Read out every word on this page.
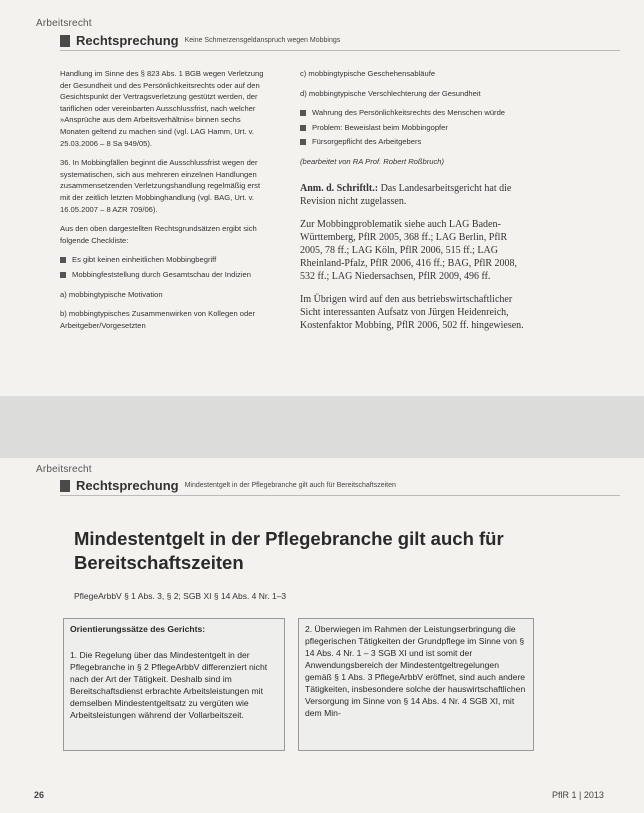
Arbeitsrecht
Rechtsprechung Keine Schmerzensgeldanspruch wegen Mobbings

Handlung im Sinne des § 823 Abs. 1 BGB wegen Verletzung der Gesundheit und des Persönlichkeitsrechts oder auf den Gesichtspunkt der Vertragsverletzung gestützt werden, der tariflichen oder vereinbarten Ausschlussfrist, nach welcher »Ansprüche aus dem Arbeitsverhältnis« binnen sechs Monaten geltend zu machen sind (vgl. LAG Hamm, Urt. v. 25.03.2006 – 8 Sa 949/05).

36. In Mobbingfällen beginnt die Ausschlussfrist wegen der systematischen, sich aus mehreren einzelnen Handlungen zusammensetzenden Verletzungshandlung regelmäßig erst mit der zeitlich letzten Mobbinghandlung (vgl. BAG, Urt. v. 16.05.2007 – 8 AZR 709/06).

Aus den oben dargestellten Rechtsgrundsätzen ergibt sich folgende Checkliste:

Es gibt keinen einheitlichen Mobbingbegriff
Mobbingfeststellung durch Gesamtschau der Indizien

a) mobbingtypische Motivation

b) mobbingtypisches Zusammenwirken von Kollegen oder Arbeitgeber/Vorgesetzten

c) mobbingtypische Geschehensabläufe

d) mobbingtypische Verschlechterung der Gesundheit

Wahrung des Persönlichkeitsrechts des Menschen würde
Problem: Beweislast beim Mobbingopfer
Fürsorgepflicht des Arbeitgebers

(bearbeitet von RA Prof. Robert Roßbruch)

Anm. d. Schriftlt.: Das Landesarbeitsgericht hat die Revision nicht zugelassen.

Zur Mobbingproblematik siehe auch LAG Baden-Württemberg, PflR 2005, 368 ff.; LAG Berlin, PflR 2005, 78 ff.; LAG Köln, PflR 2006, 515 ff.; LAG Rheinland-Pfalz, PflR 2006, 416 ff.; BAG, PflR 2008, 532 ff.; LAG Niedersachsen, PflR 2009, 496 ff.

Im Übrigen wird auf den aus betriebswirtschaftlicher Sicht interessanten Aufsatz von Jürgen Heidenreich, Kostenfaktor Mobbing, PflR 2006, 502 ff. hingewiesen.

Arbeitsrecht
Rechtsprechung Mindestentgelt in der Pflegebranche gilt auch für Bereitschaftszeiten
Mindestentgelt in der Pflegebranche gilt auch für
Bereitschaftszeiten
PflegeArbbV § 1 Abs. 3, § 2; SGB XI § 14 Abs. 4 Nr. 1–3

Orientierungssätze des Gerichts:

1. Die Regelung über das Mindestentgelt in der Pflegebranche in § 2 PflegeArbbV differenziert nicht nach der Art der Tätigkeit. Deshalb sind im Bereitschaftsdienst erbrachte Arbeitsleistungen mit demselben Mindestentgeltsatz zu vergüten wie Arbeitsleistungen während der Vollarbeitszeit.

2. Überwiegen im Rahmen der Leistungserbringung die pflegerischen Tätigkeiten der Grundpflege im Sinne von § 14 Abs. 4 Nr. 1 – 3 SGB XI und ist somit der Anwendungsbereich der Mindestentgeltregelungen gemäß § 1 Abs. 3 PflegeArbbV eröffnet, sind auch andere Tätigkeiten, insbesondere solche der hauswirtschaftlichen Versorgung im Sinne von § 14 Abs. 4 Nr. 4 SGB XI, mit dem Min-

26	PflR 1 | 2013
